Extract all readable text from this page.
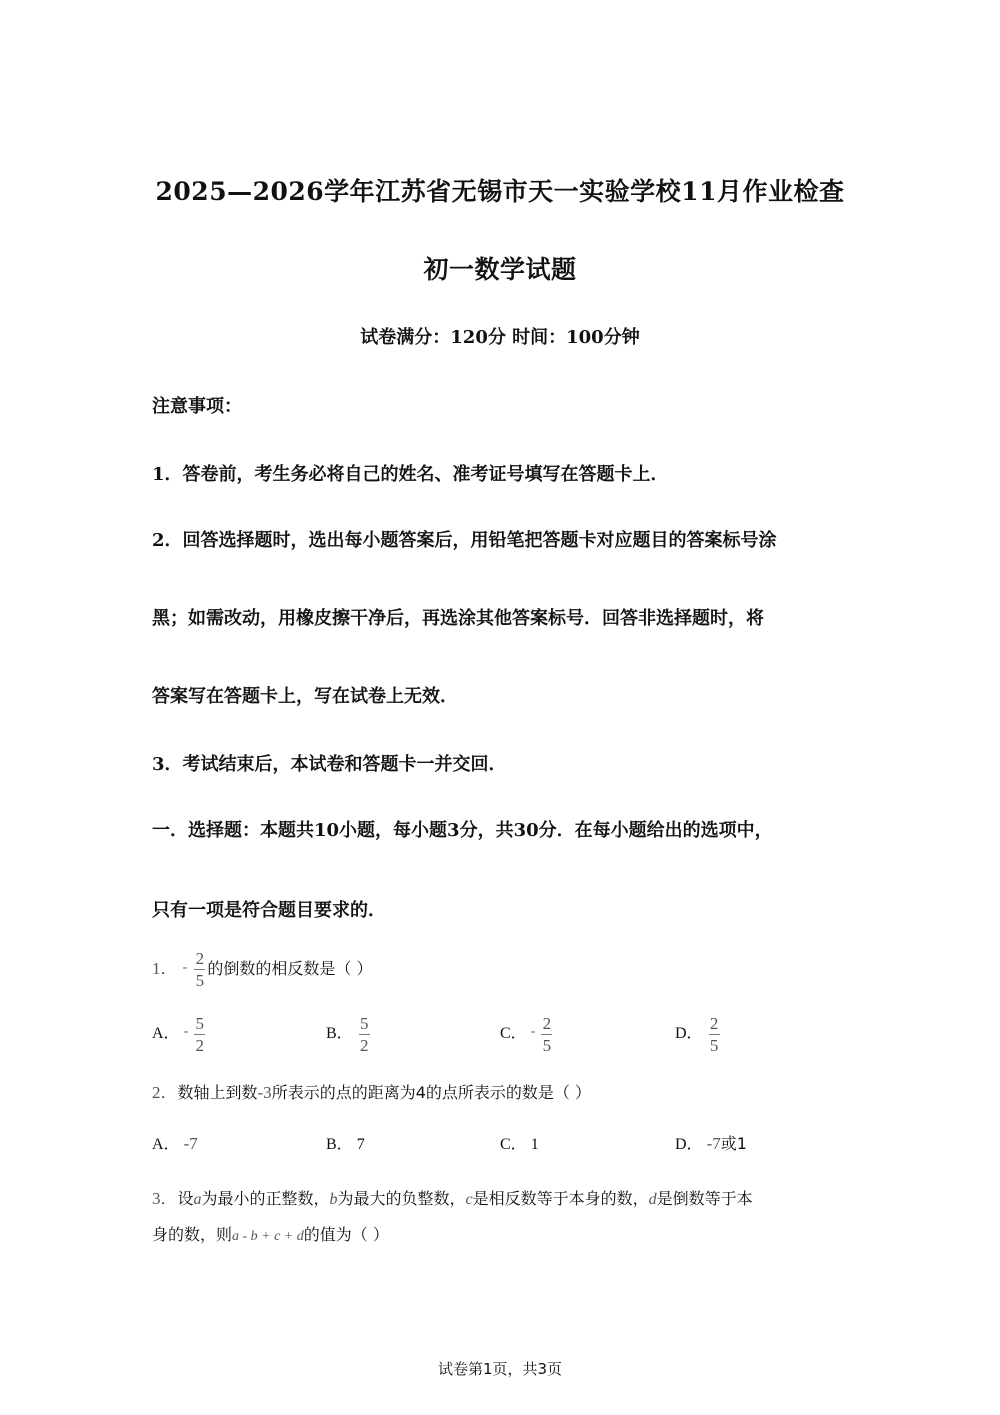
2025—2026学年江苏省无锡市天一实验学校11月作业检查
初一数学试题
试卷满分：120分 时间：100分钟
注意事项：
1．答卷前，考生务必将自己的姓名、准考证号填写在答题卡上．
2．回答选择题时，选出每小题答案后，用铅笔把答题卡对应题目的答案标号涂
黑；如需改动，用橡皮擦干净后，再选涂其他答案标号．回答非选择题时，将
答案写在答题卡上，写在试卷上无效．
3．考试结束后，本试卷和答题卡一并交回．
一．选择题：本题共10小题，每小题3分，共30分．在每小题给出的选项中，
只有一项是符合题目要求的．
1． - $\frac{2}{5}$ 的倒数的相反数是（ ）
A． - $\frac{5}{2}$	B． $\frac{5}{2}$	C． - $\frac{2}{5}$	D． $\frac{2}{5}$
2．数轴上到数-3所表示的点的距离为4的点所表示的数是（ ）
A． -7	B． 7	C． 1	D． -7或1
3．设a为最小的正整数，b为最大的负整数，c是相反数等于本身的数，d是倒数等于本
身的数，则a - b + c + d的值为（ ）
试卷第1页，共3页
